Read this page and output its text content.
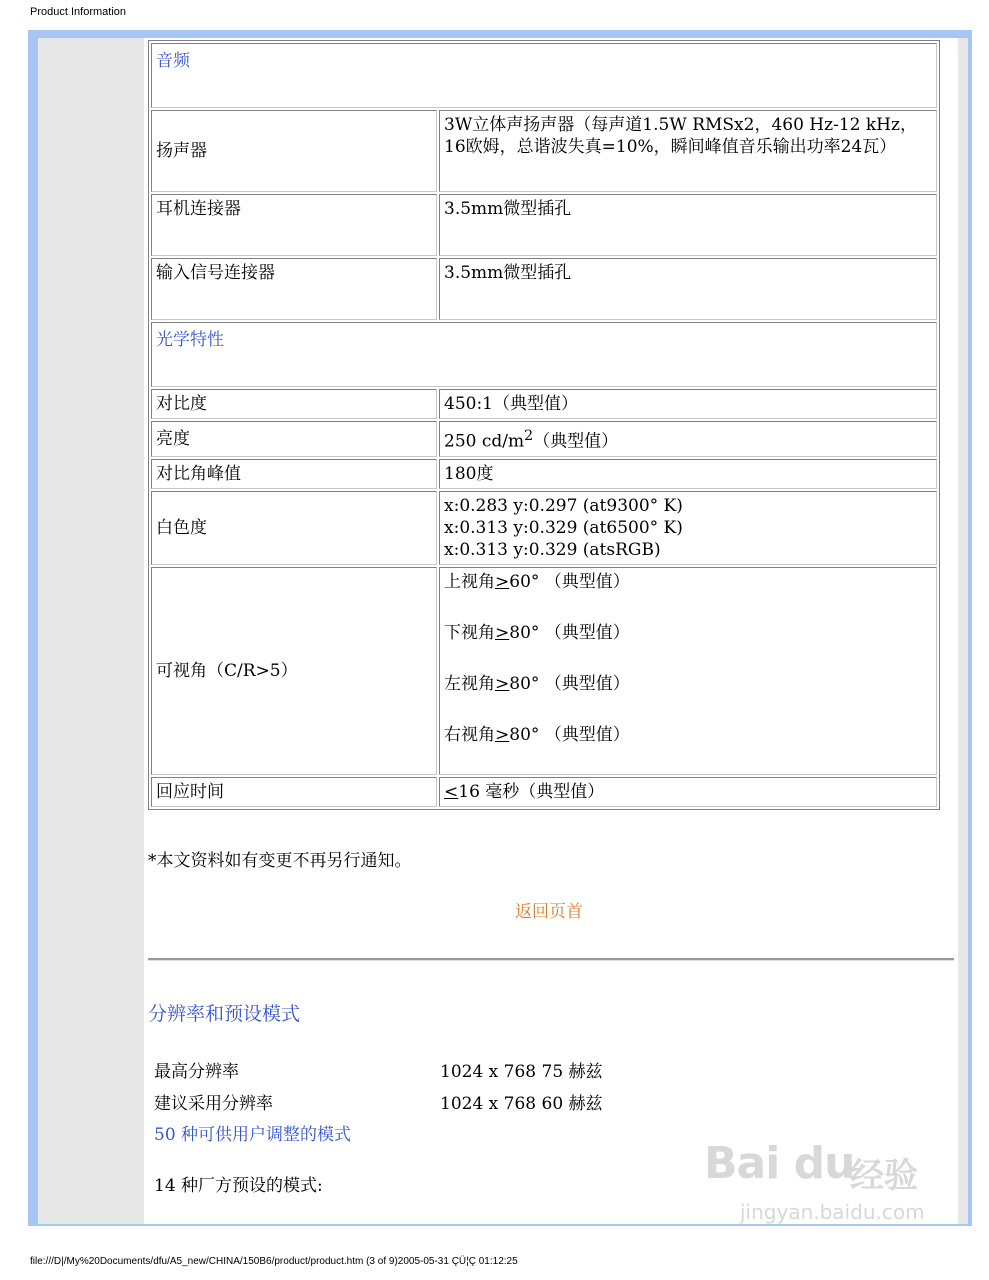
Product Information
音频	
扬声器	3W立体声扬声器（每声道1.5W RMSx2，460 Hz-12 kHz，16欧姆，总谐波失真=10%，瞬间峰值音乐输出功率24瓦）
耳机连接器	3.5mm微型插孔
输入信号连接器	3.5mm微型插孔
光学特性	
对比度	450:1（典型值）
亮度	250 $cd/m^2$（典型值）
对比角峰值	180度
白色度	x:0.283 y:0.297 (at9300° K)
x:0.313 y:0.329 (at6500° K)
x:0.313 y:0.329 (atsRGB)

可视角（C/R>5）	上视角>60° （典型值）
下视角>80° （典型值）
左视角>80° （典型值）
右视角>80° （典型值）

回应时间	<16 毫秒（典型值）
*本文资料如有变更不再另行通知。
返回页首
分辨率和预设模式
最高分辨率	1024 x 768 75 赫兹
建议采用分辨率	1024 x 768 60 赫兹
50 种可供用户调整的模式
14 种厂方预设的模式:	Bai du
经验
jingyan.baidu.com
file:///D|/My%20Documents/dfu/A5_new/CHINA/150B6/product/product.htm (3 of 9)2005-05-31 ÇÜ¦Ç 01:12:25
